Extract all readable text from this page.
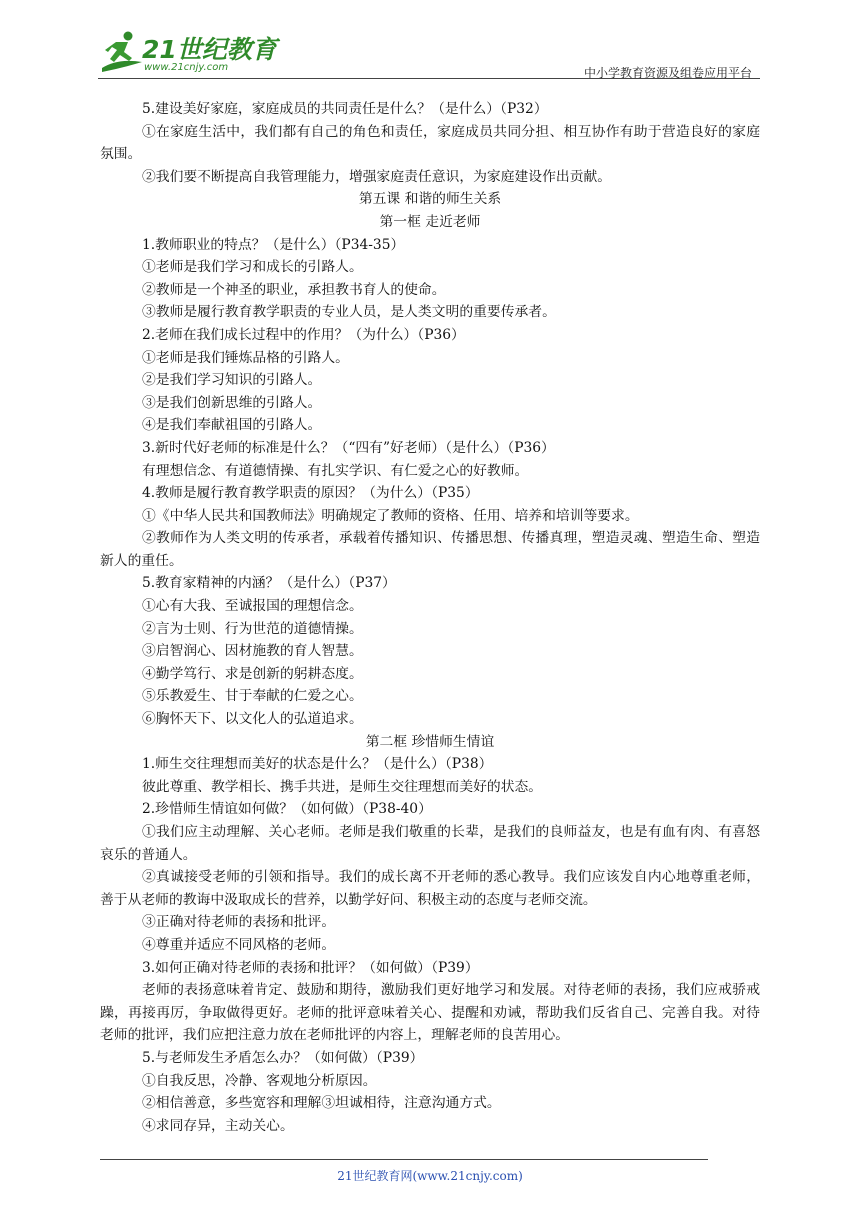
21世纪教育
www.21cnjy.com	中小学教育资源及组卷应用平台

5.建设美好家庭，家庭成员的共同责任是什么？（是什么）（P32）

①在家庭生活中，我们都有自己的角色和责任，家庭成员共同分担、相互协作有助于营造良好的家庭氛围。

②我们要不断提高自我管理能力，增强家庭责任意识，为家庭建设作出贡献。

第五课 和谐的师生关系

第一框 走近老师

1.教师职业的特点？（是什么）（P34-35）

①老师是我们学习和成长的引路人。

②教师是一个神圣的职业，承担教书育人的使命。

③教师是履行教育教学职责的专业人员，是人类文明的重要传承者。

2.老师在我们成长过程中的作用？（为什么）（P36）

①老师是我们锤炼品格的引路人。

②是我们学习知识的引路人。

③是我们创新思维的引路人。

④是我们奉献祖国的引路人。

3.新时代好老师的标准是什么？（“四有”好老师）（是什么）（P36）

有理想信念、有道德情操、有扎实学识、有仁爱之心的好教师。

4.教师是履行教育教学职责的原因？（为什么）（P35）

①《中华人民共和国教师法》明确规定了教师的资格、任用、培养和培训等要求。

②教师作为人类文明的传承者，承载着传播知识、传播思想、传播真理，塑造灵魂、塑造生命、塑造新人的重任。

5.教育家精神的内涵？（是什么）（P37）

①心有大我、至诚报国的理想信念。

②言为士则、行为世范的道德情操。

③启智润心、因材施教的育人智慧。

④勤学笃行、求是创新的躬耕态度。

⑤乐教爱生、甘于奉献的仁爱之心。

⑥胸怀天下、以文化人的弘道追求。

第二框 珍惜师生情谊

1.师生交往理想而美好的状态是什么？（是什么）（P38）

彼此尊重、教学相长、携手共进，是师生交往理想而美好的状态。

2.珍惜师生情谊如何做？（如何做）（P38-40）

①我们应主动理解、关心老师。老师是我们敬重的长辈，是我们的良师益友，也是有血有肉、有喜怒哀乐的普通人。

②真诚接受老师的引领和指导。我们的成长离不开老师的悉心教导。我们应该发自内心地尊重老师，善于从老师的教诲中汲取成长的营养，以勤学好问、积极主动的态度与老师交流。

③正确对待老师的表扬和批评。

④尊重并适应不同风格的老师。

3.如何正确对待老师的表扬和批评？（如何做）（P39）

老师的表扬意味着肯定、鼓励和期待，激励我们更好地学习和发展。对待老师的表扬，我们应戒骄戒躁，再接再厉，争取做得更好。老师的批评意味着关心、提醒和劝诫，帮助我们反省自己、完善自我。对待老师的批评，我们应把注意力放在老师批评的内容上，理解老师的良苦用心。

5.与老师发生矛盾怎么办？（如何做）（P39）

①自我反思，冷静、客观地分析原因。

②相信善意，多些宽容和理解③坦诚相待，注意沟通方式。

④求同存异，主动关心。

21世纪教育网(www.21cnjy.com)
